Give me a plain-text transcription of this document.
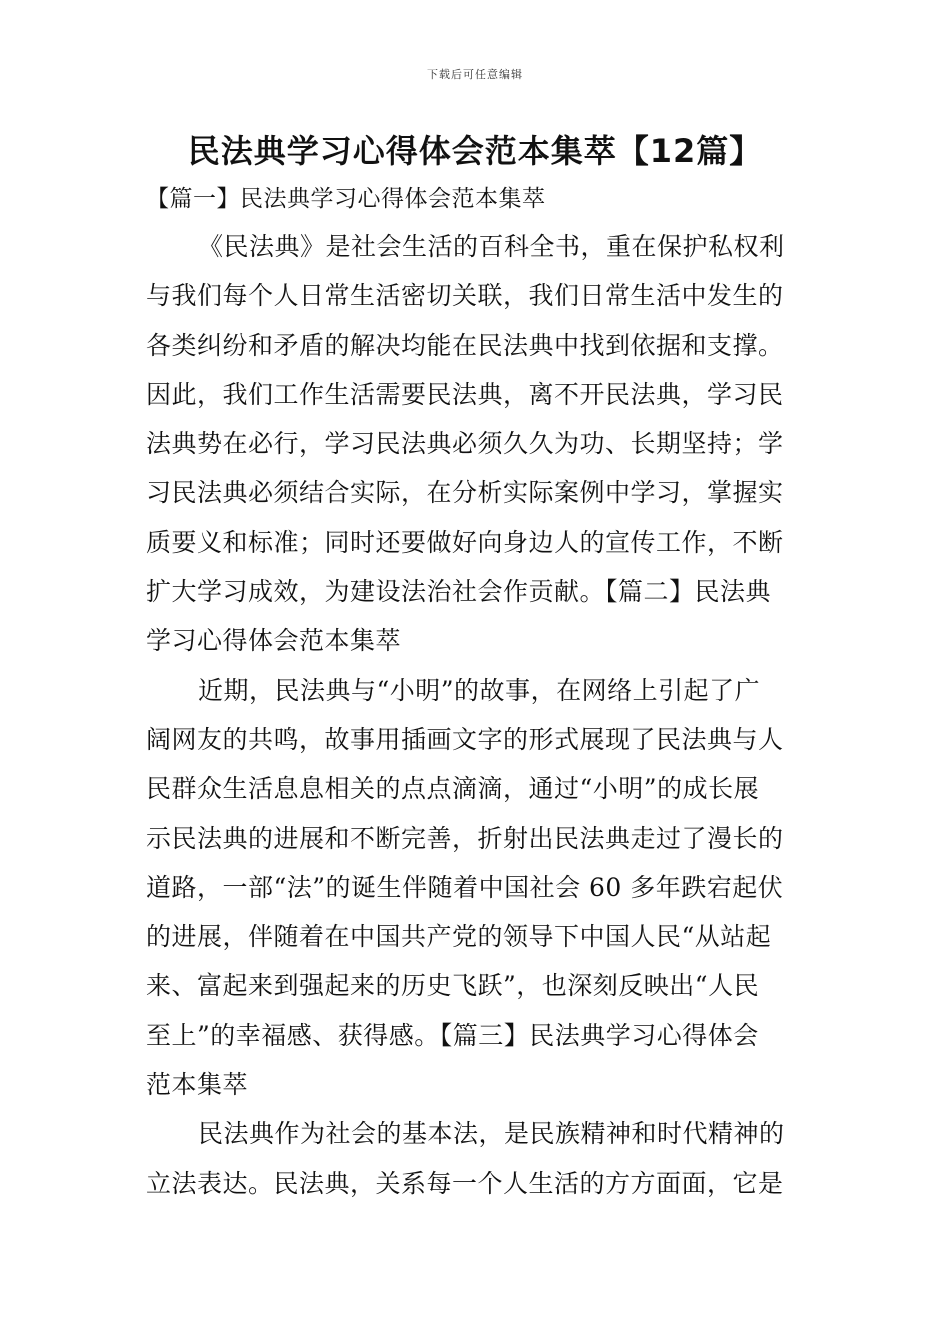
下载后可任意编辑
民法典学习心得体会范本集萃【12篇】
【篇一】民法典学习心得体会范本集萃
《民法典》是社会生活的百科全书，重在保护私权利
与我们每个人日常生活密切关联，我们日常生活中发生的
各类纠纷和矛盾的解决均能在民法典中找到依据和支撑。
因此，我们工作生活需要民法典，离不开民法典，学习民
法典势在必行，学习民法典必须久久为功、长期坚持；学
习民法典必须结合实际，在分析实际案例中学习，掌握实
质要义和标准；同时还要做好向身边人的宣传工作，不断
扩大学习成效，为建设法治社会作贡献。【篇二】民法典
学习心得体会范本集萃
近期，民法典与“小明”的故事，在网络上引起了广
阔网友的共鸣，故事用插画文字的形式展现了民法典与人
民群众生活息息相关的点点滴滴，通过“小明”的成长展
示民法典的进展和不断完善，折射出民法典走过了漫长的
道路，一部“法”的诞生伴随着中国社会 60 多年跌宕起伏
的进展，伴随着在中国共产党的领导下中国人民“从站起
来、富起来到强起来的历史飞跃”，也深刻反映出“人民
至上”的幸福感、获得感。【篇三】民法典学习心得体会
范本集萃
民法典作为社会的基本法，是民族精神和时代精神的
立法表达。民法典，关系每一个人生活的方方面面，它是
